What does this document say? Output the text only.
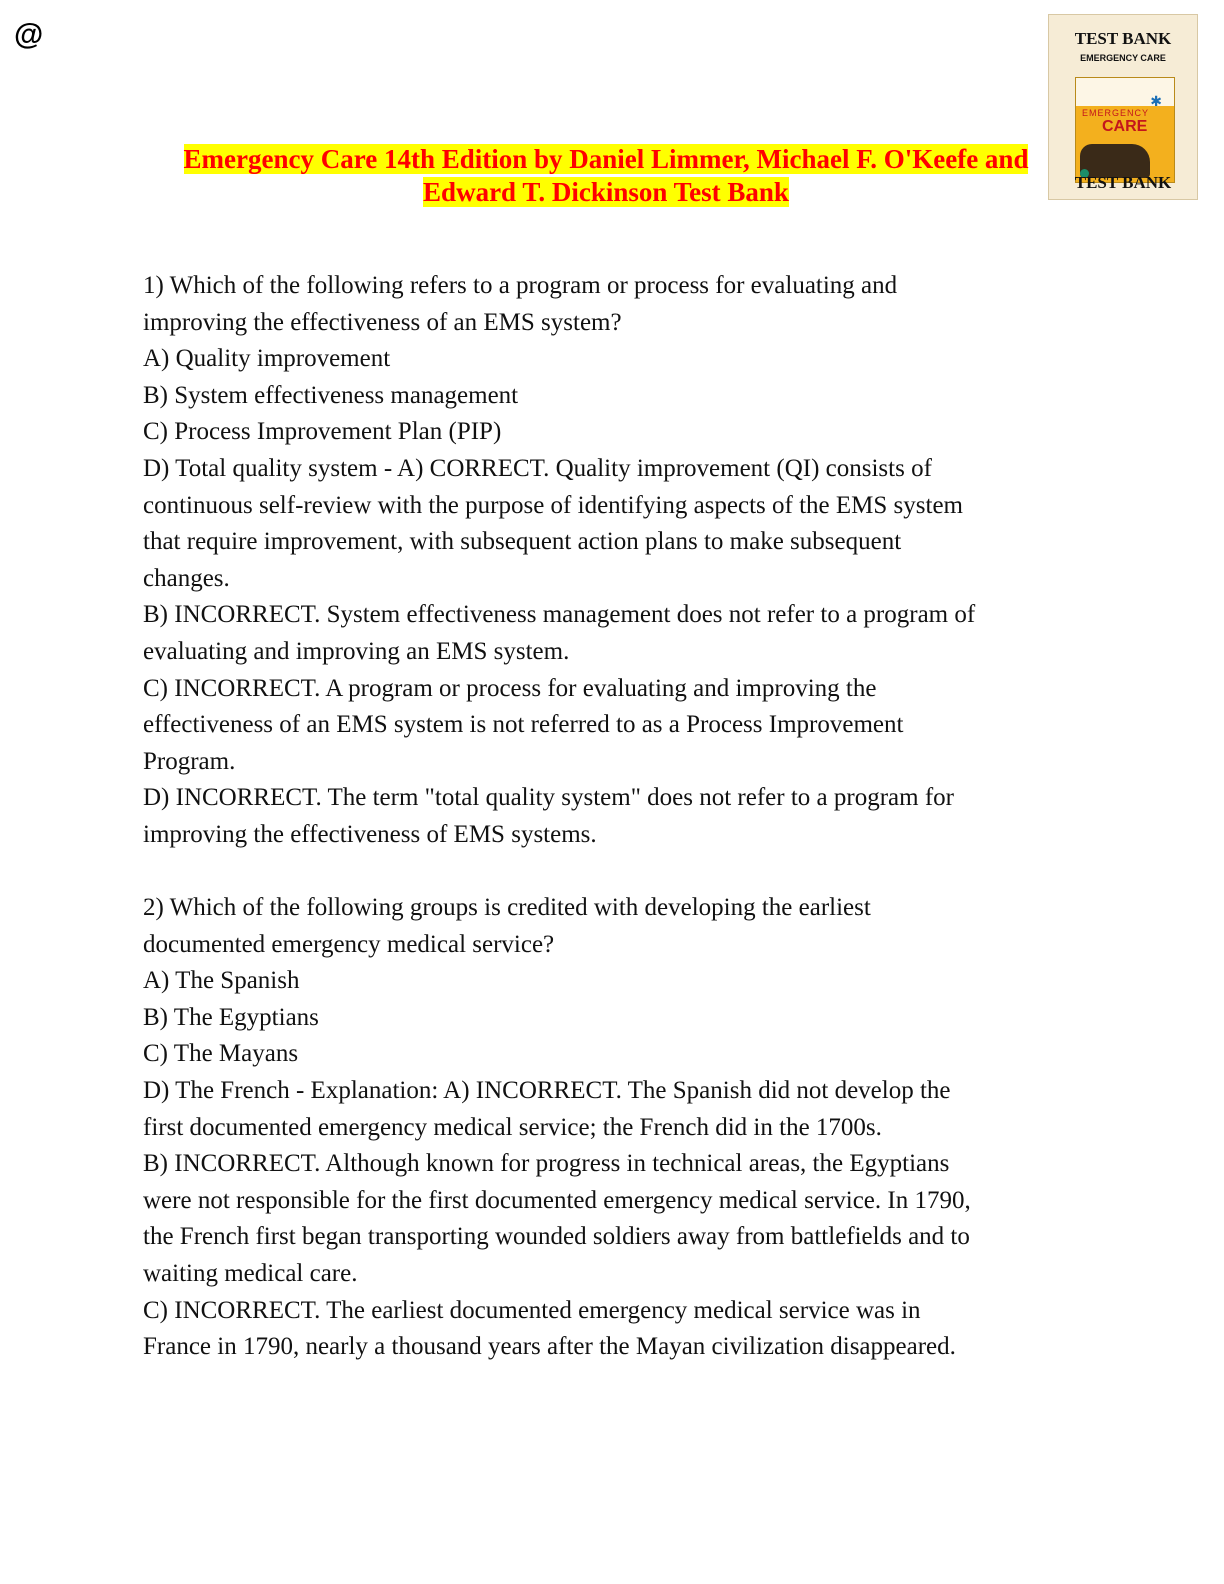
@	TEST BANK
EMERGENCY CARE
EMERGENCY
CARE
✱
TEST BANK
Emergency Care 14th Edition by Daniel Limmer, Michael F. O'Keefe and
Edward T. Dickinson Test Bank

1) Which of the following refers to a program or process for evaluating and

improving the effectiveness of an EMS system?

A) Quality improvement

B) System effectiveness management

C) Process Improvement Plan (PIP)

D) Total quality system - A) CORRECT. Quality improvement (QI) consists of

continuous self-review with the purpose of identifying aspects of the EMS system

that require improvement, with subsequent action plans to make subsequent

changes.

B) INCORRECT. System effectiveness management does not refer to a program of

evaluating and improving an EMS system.

C) INCORRECT. A program or process for evaluating and improving the

effectiveness of an EMS system is not referred to as a Process Improvement

Program.

D) INCORRECT. The term "total quality system" does not refer to a program for

improving the effectiveness of EMS systems.

2) Which of the following groups is credited with developing the earliest

documented emergency medical service?

A) The Spanish

B) The Egyptians

C) The Mayans

D) The French - Explanation: A) INCORRECT. The Spanish did not develop the

first documented emergency medical service; the French did in the 1700s.

B) INCORRECT. Although known for progress in technical areas, the Egyptians

were not responsible for the first documented emergency medical service. In 1790,

the French first began transporting wounded soldiers away from battlefields and to

waiting medical care.

C) INCORRECT. The earliest documented emergency medical service was in

France in 1790, nearly a thousand years after the Mayan civilization disappeared.
